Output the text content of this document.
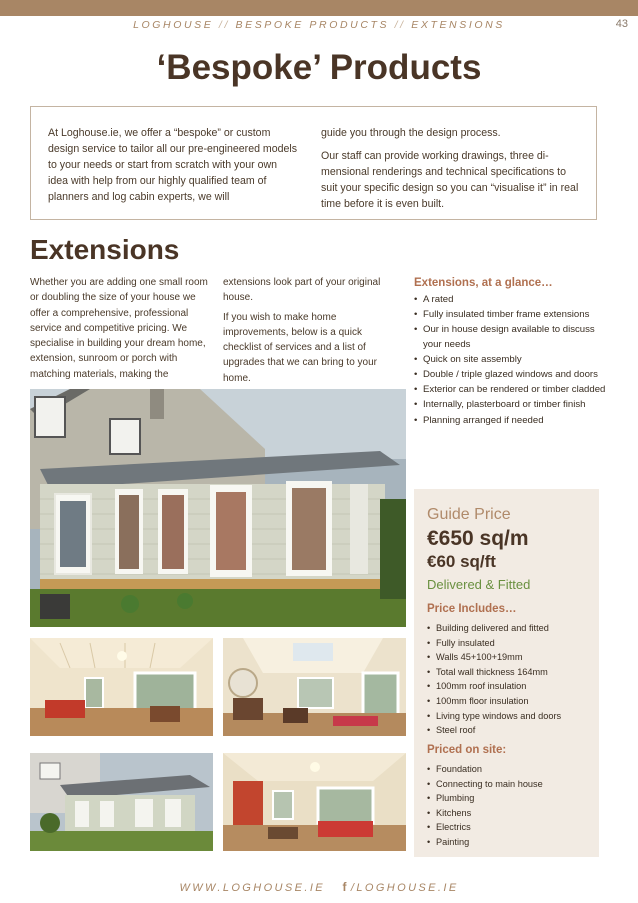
LOGHOUSE // BESPOKE PRODUCTS // EXTENSIONS	43
‘Bespoke’ Products

At Loghouse.ie, we offer a “bespoke” or custom design service to tailor all our pre-engineered models to your needs or start from scratch with your own idea with help from our highly qualified team of planners and log cabin experts, we will

guide you through the design process.

Our staff can provide working drawings, three di-mensional renderings and technical specifications to suit your specific design so you can “visualise it” in real time before it is even built.

Extensions

Whether you are adding one small room or doubling the size of your house we offer a comprehensive, professional service and competitive pricing. We specialise in building your dream home, extension, sunroom or porch with matching materials, making the

extensions look part of your original house.

If you wish to make home improvements, below is a quick checklist of services and a list of upgrades that we can bring to your home.

Extensions, at a glance…
• A rated
• Fully insulated timber frame extensions
• Our in house design available to discuss your needs
• Quick on site assembly
• Double / triple glazed windows and doors
• Exterior can be rendered or timber cladded
• Internally, plasterboard or timber finish
• Planning arranged if needed
Guide Price
€650 sq/m
€60 sq/ft
Delivered & Fitted
Price Includes…
• Building delivered and fitted
• Fully insulated
• Walls 45+100+19mm
• Total wall thickness 164mm
• 100mm roof insulation
• 100mm floor insulation
• Living type windows and doors
• Steel roof
Priced on site:
• Foundation
• Connecting to main house
• Plumbing
• Kitchens
• Electrics
• Painting
WWW.LOGHOUSE.IE f /LOGHOUSE.IE
